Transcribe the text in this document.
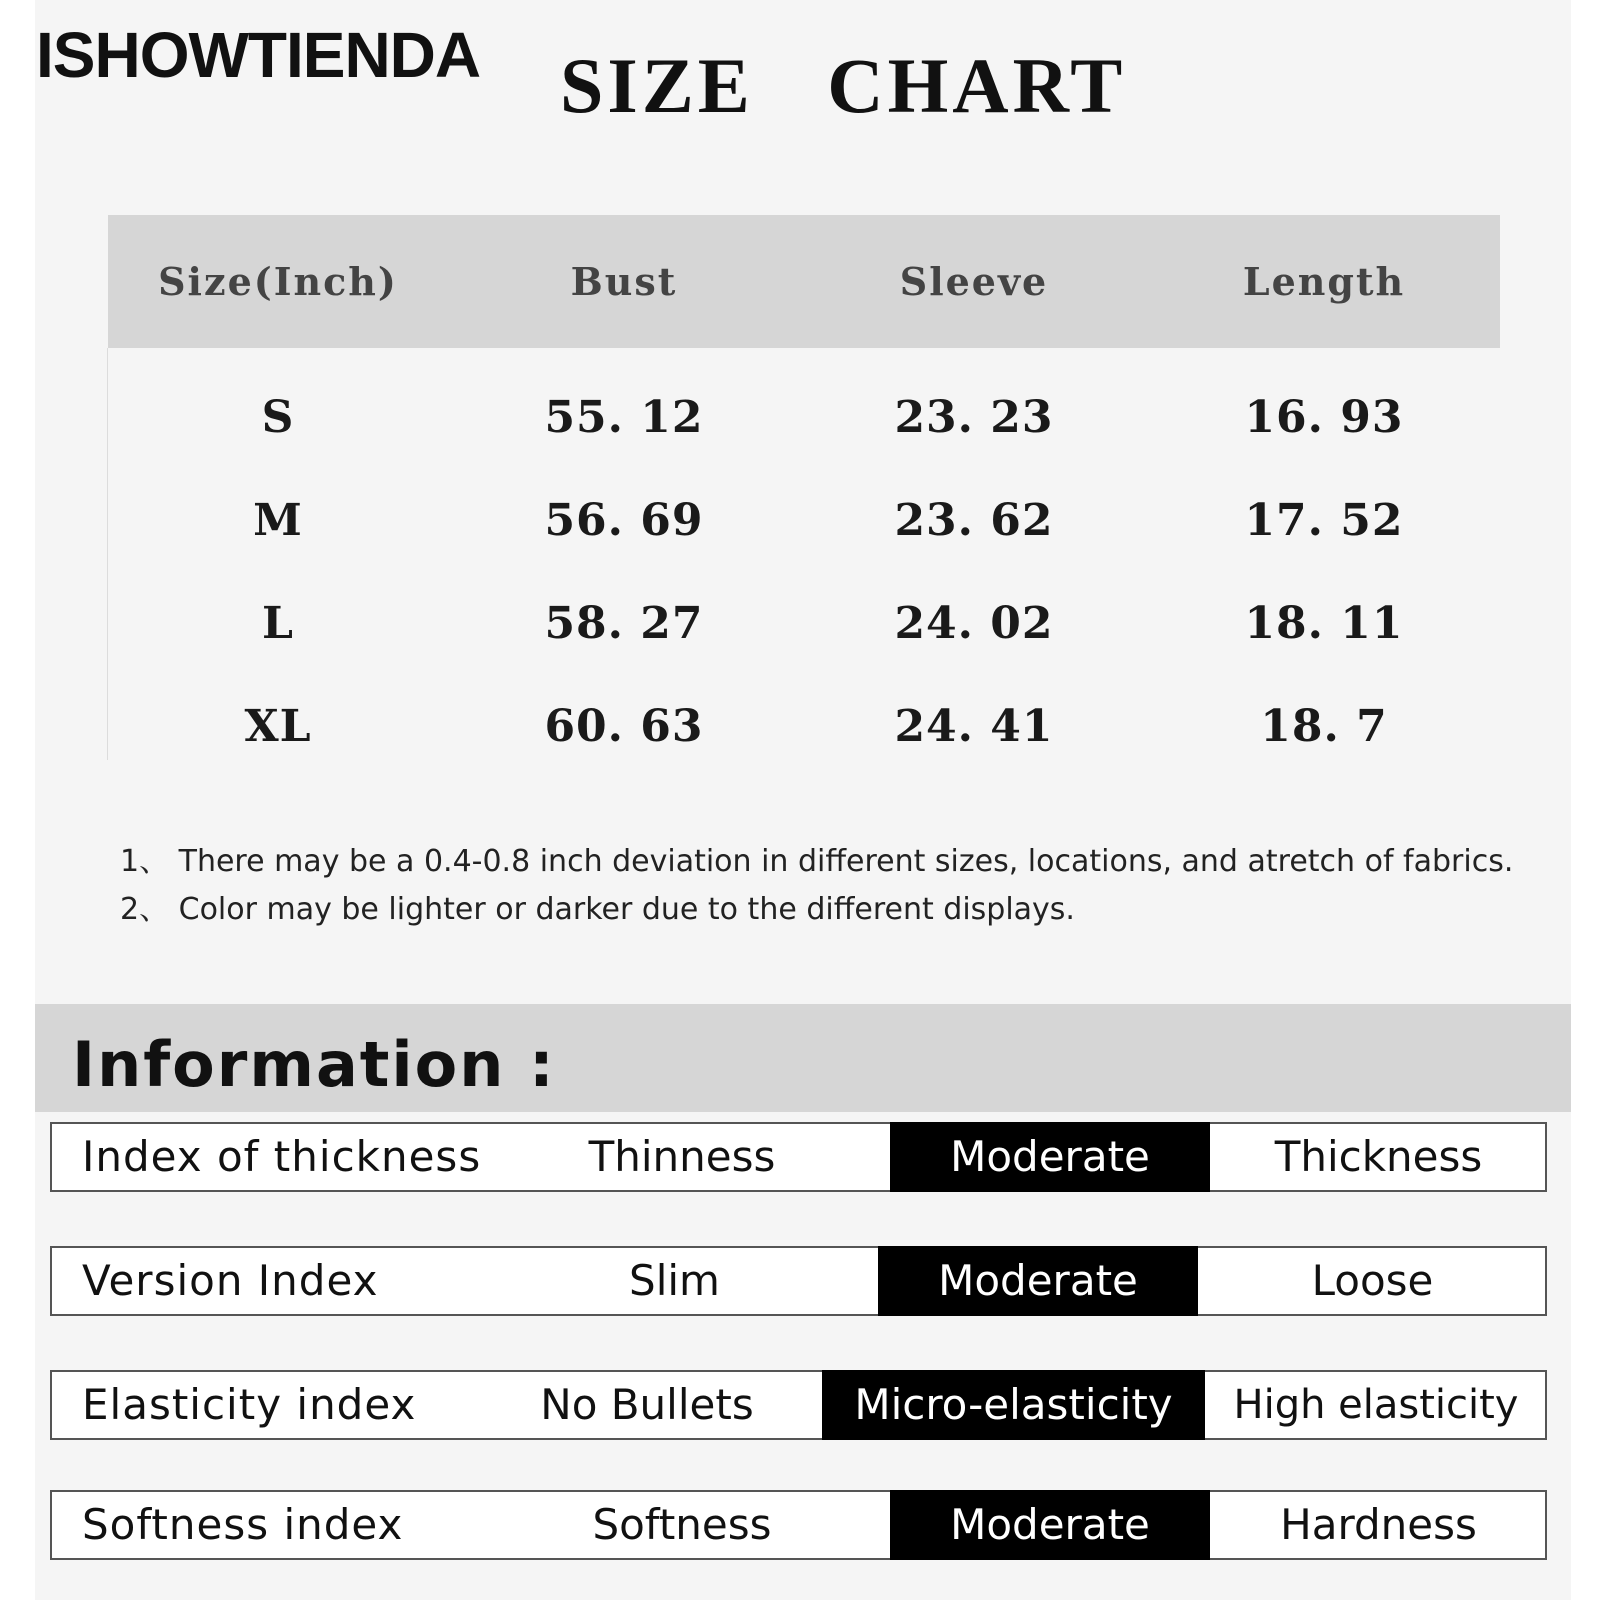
ISHOWTIENDA SIZE CHART
Size(Inch)	Bust	Sleeve	Length
S	55. 12	23. 23	16. 93
M	56. 69	23. 62	17. 52
L	58. 27	24. 02	18. 11
XL	60. 63	24. 41	18. 7
1、 There may be a 0.4-0.8 inch deviation in different sizes, locations, and atretch of fabrics.
2、 Color may be lighter or darker due to the different displays.
Information :
Index of thickness	Thinness	Moderate	Thickness
Version Index	Slim	Moderate	Loose
Elasticity index	No Bullets	Micro-elasticity	High elasticity
Softness index	Softness	Moderate	Hardness
